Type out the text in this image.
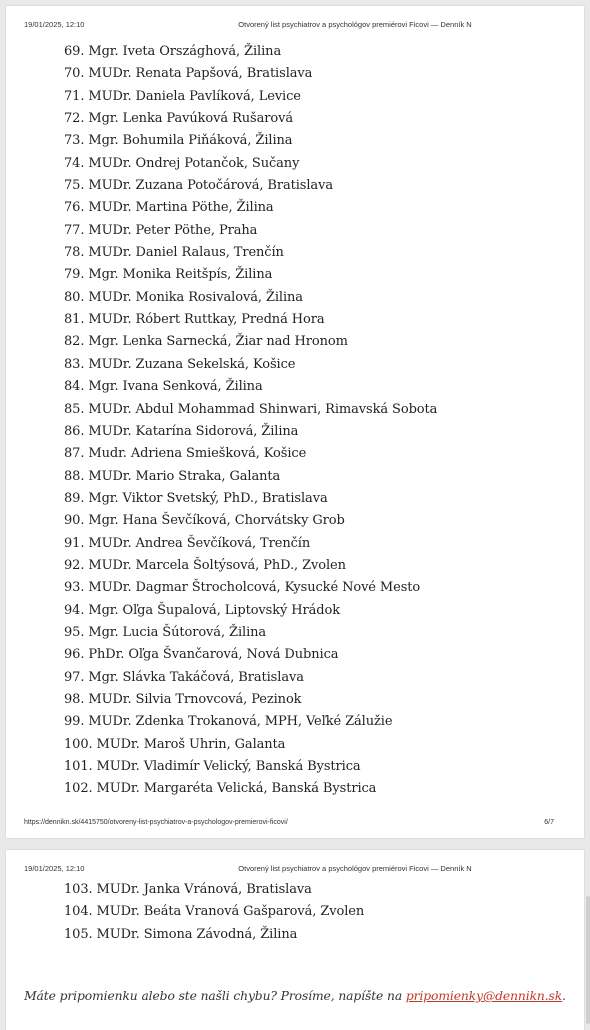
19/01/2025, 12:10	Otvorený list psychiatrov a psychológov premiérovi Ficovi — Denník N
69. Mgr. Iveta Országhová, Žilina
70. MUDr. Renata Papšová, Bratislava
71. MUDr. Daniela Pavlíková, Levice
72. Mgr. Lenka Pavúková Rušarová
73. Mgr. Bohumila Piňáková, Žilina
74. MUDr. Ondrej Potančok, Sučany
75. MUDr. Zuzana Potočárová, Bratislava
76. MUDr. Martina Pöthe, Žilina
77. MUDr. Peter Pöthe, Praha
78. MUDr. Daniel Ralaus, Trenčín
79. Mgr. Monika Reitšpís, Žilina
80. MUDr. Monika Rosivalová, Žilina
81. MUDr. Róbert Ruttkay, Predná Hora
82. Mgr. Lenka Sarnecká, Žiar nad Hronom
83. MUDr. Zuzana Sekelská, Košice
84. Mgr. Ivana Senková, Žilina
85. MUDr. Abdul Mohammad Shinwari, Rimavská Sobota
86. MUDr. Katarína Sidorová, Žilina
87. Mudr. Adriena Smiešková, Košice
88. MUDr. Mario Straka, Galanta
89. Mgr. Viktor Svetský, PhD., Bratislava
90. Mgr. Hana Ševčíková, Chorvátsky Grob
91. MUDr. Andrea Ševčíková, Trenčín
92. MUDr. Marcela Šoltýsová, PhD., Zvolen
93. MUDr. Dagmar Štrocholcová, Kysucké Nové Mesto
94. Mgr. Oľga Šupalová, Liptovský Hrádok
95. Mgr. Lucia Šútorová, Žilina
96. PhDr. Oľga Švančarová, Nová Dubnica
97. Mgr. Slávka Takáčová, Bratislava
98. MUDr. Silvia Trnovcová, Pezinok
99. MUDr. Zdenka Trokanová, MPH, Veľké Zálužie
100. MUDr. Maroš Uhrin, Galanta
101. MUDr. Vladimír Velický, Banská Bystrica
102. MUDr. Margaréta Velická, Banská Bystrica
https://dennikn.sk/4415750/otvoreny-list-psychiatrov-a-psychologov-premierovi-ficovi/	6/7
19/01/2025, 12:10	Otvorený list psychiatrov a psychológov premiérovi Ficovi — Denník N
103. MUDr. Janka Vránová, Bratislava
104. MUDr. Beáta Vranová Gašparová, Zvolen
105. MUDr. Simona Závodná, Žilina
Máte pripomienku alebo ste našli chybu? Prosíme, napíšte na pripomienky@dennikn.sk.
